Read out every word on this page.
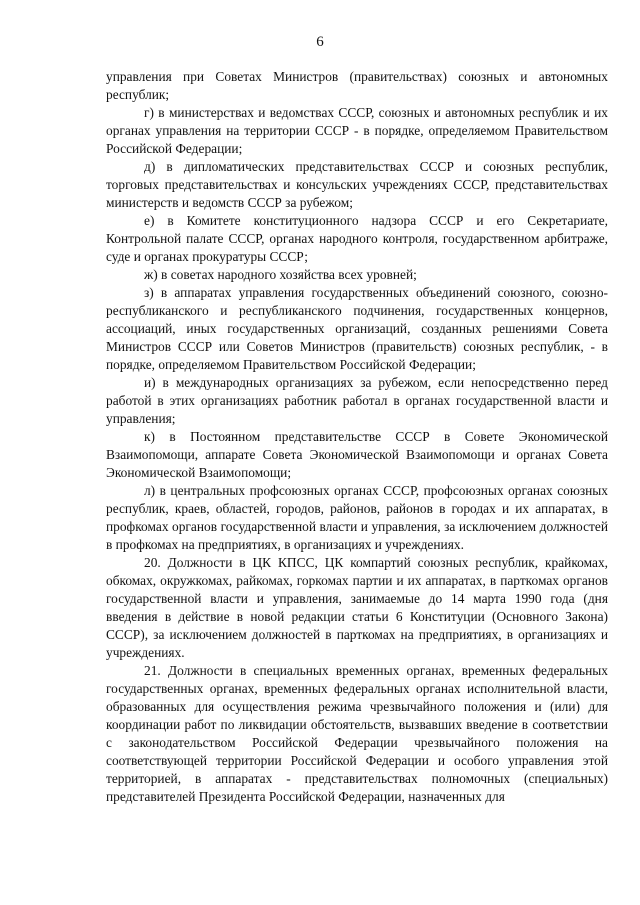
6

управления при Советах Министров (правительствах) союзных и автономных республик;

г) в министерствах и ведомствах СССР, союзных и автономных республик и их органах управления на территории СССР - в порядке, определяемом Правительством Российской Федерации;

д) в дипломатических представительствах СССР и союзных республик, торговых представительствах и консульских учреждениях СССР, представительствах министерств и ведомств СССР за рубежом;

е) в Комитете конституционного надзора СССР и его Секретариате, Контрольной палате СССР, органах народного контроля, государственном арбитраже, суде и органах прокуратуры СССР;

ж) в советах народного хозяйства всех уровней;

з) в аппаратах управления государственных объединений союзного, союзно-республиканского и республиканского подчинения, государственных концернов, ассоциаций, иных государственных организаций, созданных решениями Совета Министров СССР или Советов Министров (правительств) союзных республик, - в порядке, определяемом Правительством Российской Федерации;

и) в международных организациях за рубежом, если непосредственно перед работой в этих организациях работник работал в органах государственной власти и управления;

к) в Постоянном представительстве СССР в Совете Экономической Взаимопомощи, аппарате Совета Экономической Взаимопомощи и органах Совета Экономической Взаимопомощи;

л) в центральных профсоюзных органах СССР, профсоюзных органах союзных республик, краев, областей, городов, районов, районов в городах и их аппаратах, в профкомах органов государственной власти и управления, за исключением должностей в профкомах на предприятиях, в организациях и учреждениях.

20. Должности в ЦК КПСС, ЦК компартий союзных республик, крайкомах, обкомах, окружкомах, райкомах, горкомах партии и их аппаратах, в парткомах органов государственной власти и управления, занимаемые до 14 марта 1990 года (дня введения в действие в новой редакции статьи 6 Конституции (Основного Закона) СССР), за исключением должностей в парткомах на предприятиях, в организациях и учреждениях.

21. Должности в специальных временных органах, временных федеральных государственных органах, временных федеральных органах исполнительной власти, образованных для осуществления режима чрезвычайного положения и (или) для координации работ по ликвидации обстоятельств, вызвавших введение в соответствии с законодательством Российской Федерации чрезвычайного положения на соответствующей территории Российской Федерации и особого управления этой территорией, в аппаратах - представительствах полномочных (специальных) представителей Президента Российской Федерации, назначенных для
